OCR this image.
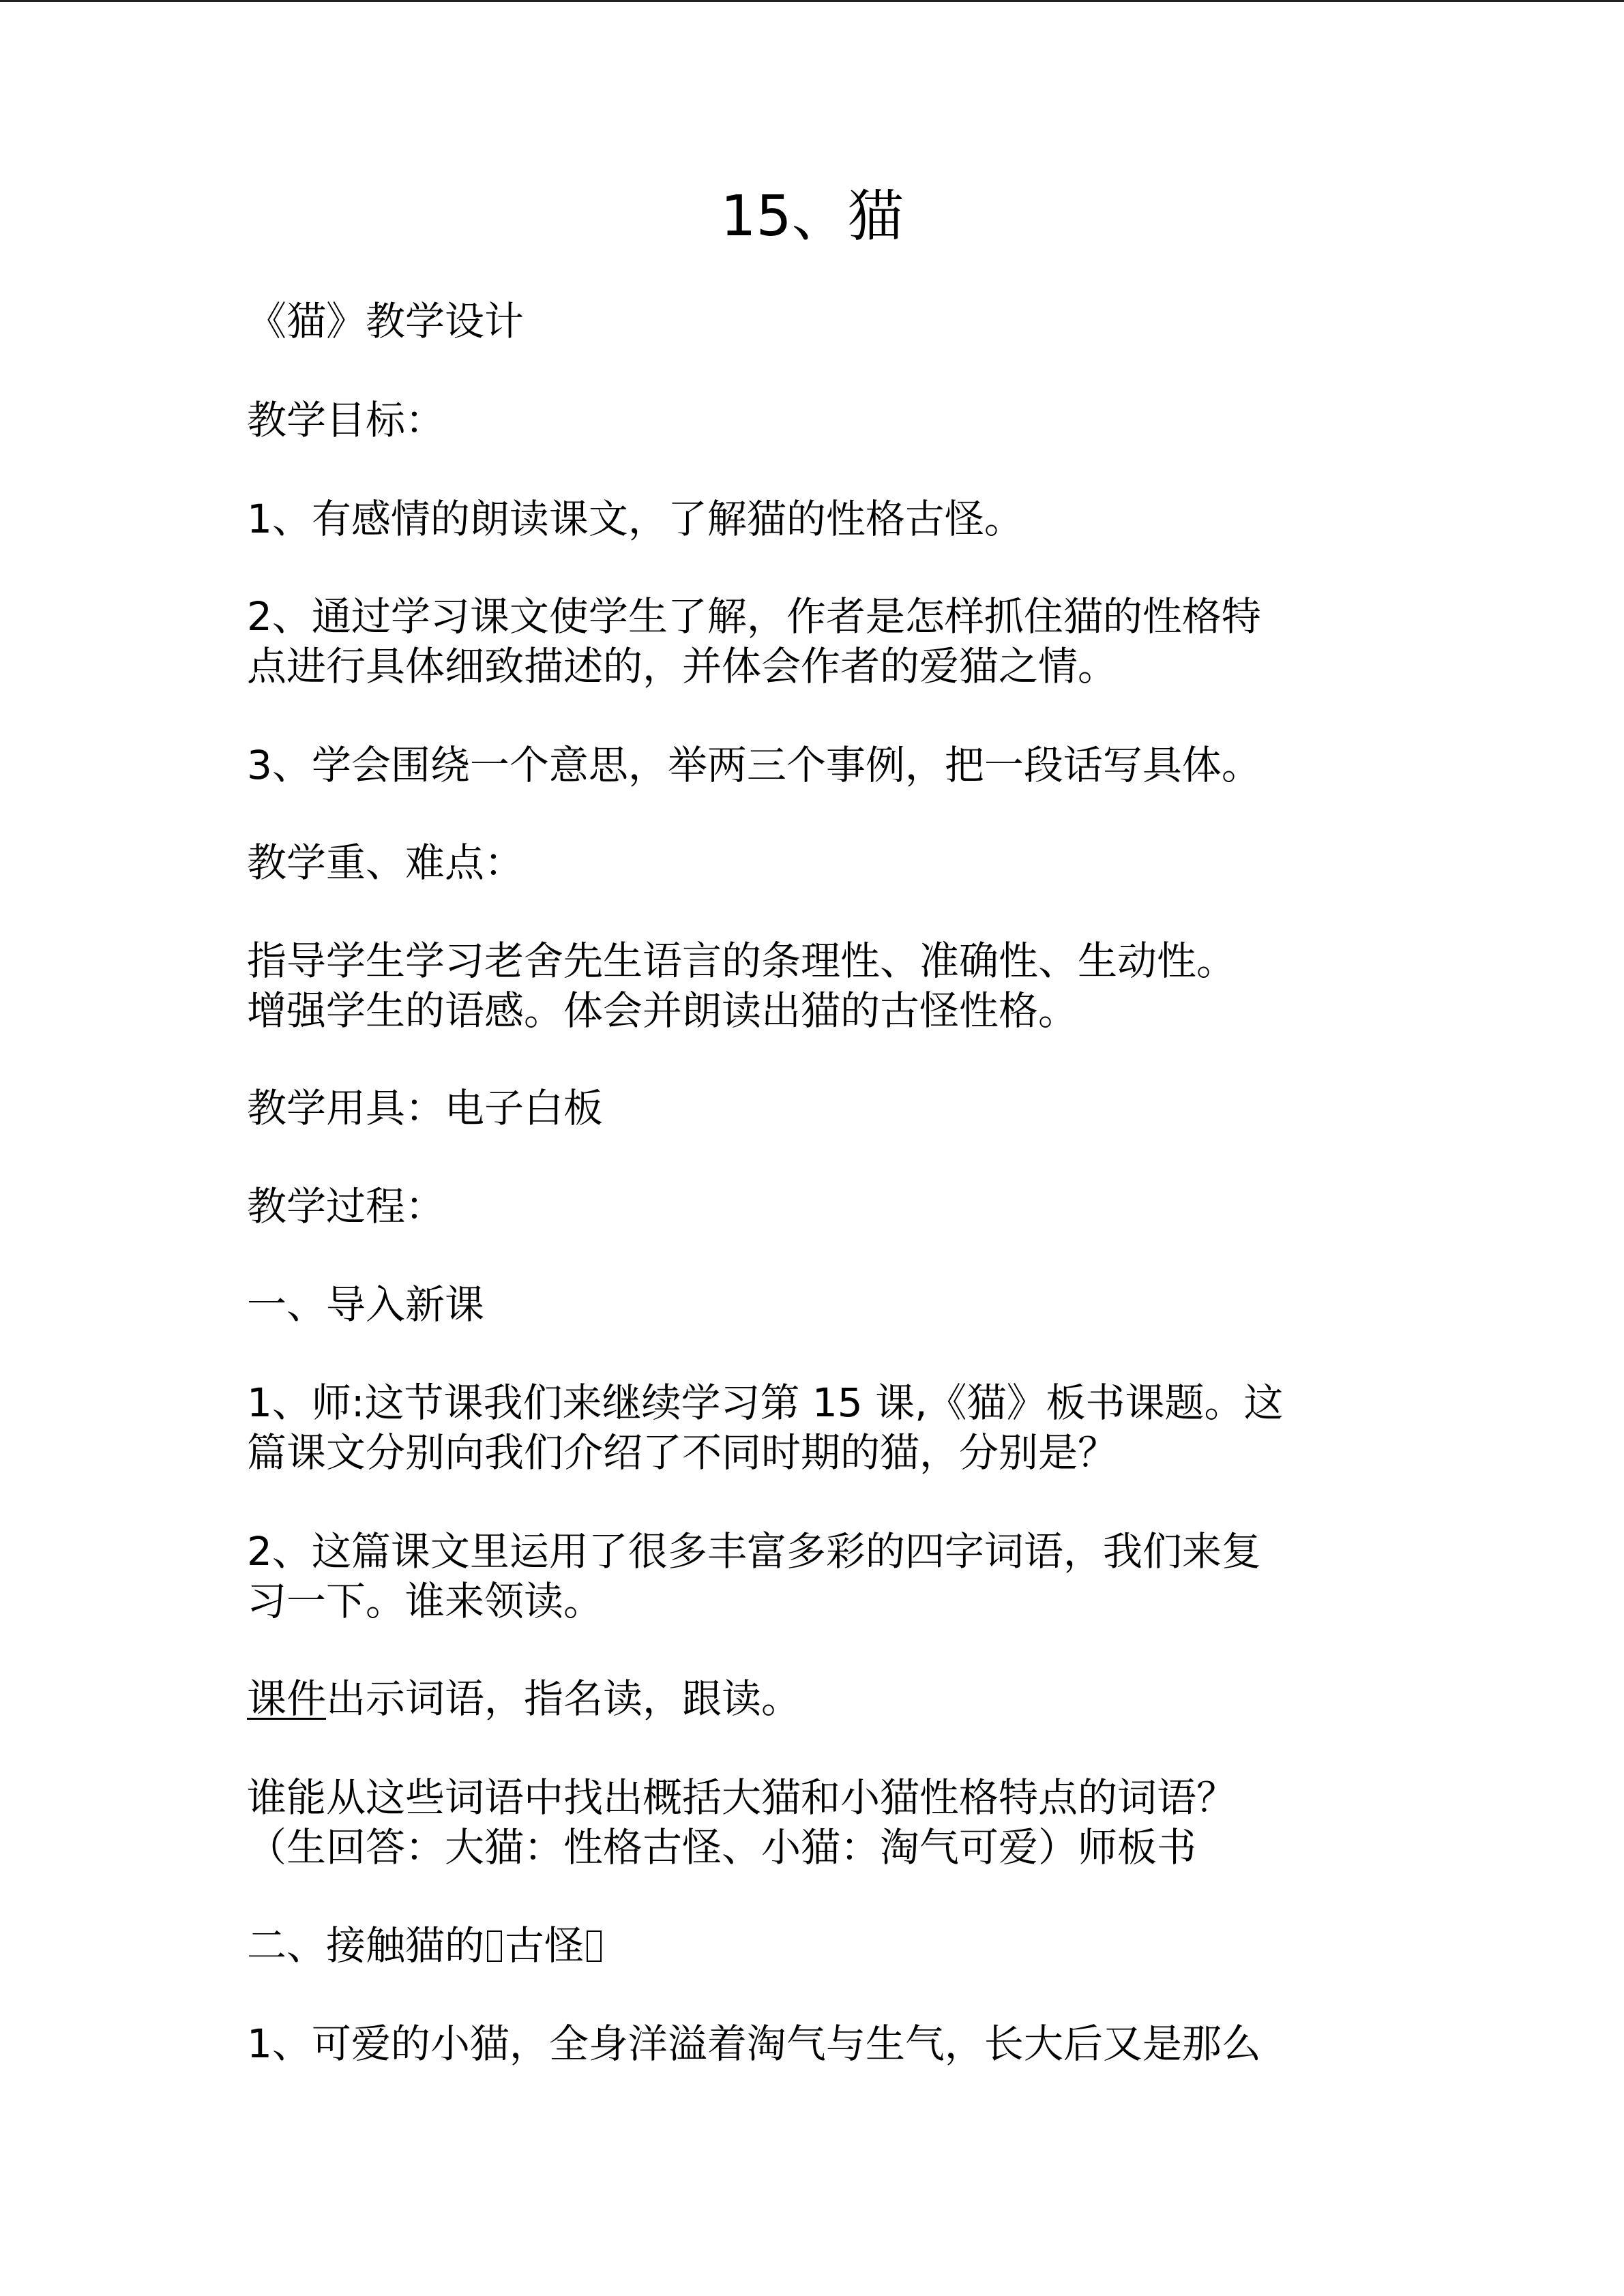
15、猫
《猫》教学设计
教学目标：
1、有感情的朗读课文，了解猫的性格古怪。
2、通过学习课文使学生了解，作者是怎样抓住猫的性格特
点进行具体细致描述的，并体会作者的爱猫之情。
3、学会围绕一个意思，举两三个事例，把一段话写具体。
教学重、难点：
指导学生学习老舍先生语言的条理性、准确性、生动性。
增强学生的语感。体会并朗读出猫的古怪性格。
教学用具：电子白板
教学过程：
一、导入新课
1、师:这节课我们来继续学习第 15 课,《猫》板书课题。这
篇课文分别向我们介绍了不同时期的猫，分别是？
2、这篇课文里运用了很多丰富多彩的四字词语，我们来复
习一下。谁来领读。
课件出示词语，指名读，跟读。
谁能从这些词语中找出概括大猫和小猫性格特点的词语？
（生回答：大猫：性格古怪、小猫：淘气可爱）师板书
二、接触猫的 古怪
1、可爱的小猫，全身洋溢着淘气与生气，长大后又是那么
